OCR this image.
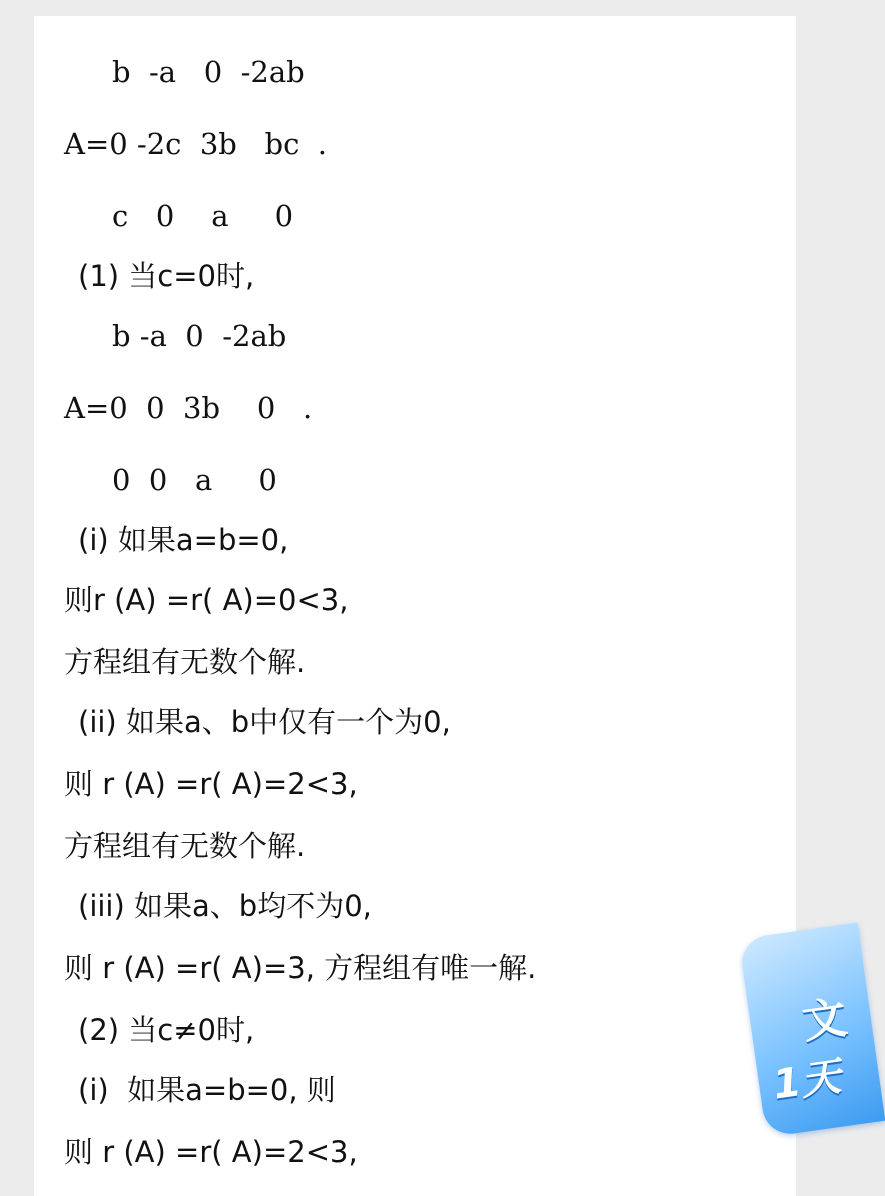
b  -a   0  -2ab
A=0 -2c  3b   bc  .
c   0    a     0
(1) 当c=0时,
b -a  0  -2ab
A=0  0  3b    0   .
0  0   a     0
(i) 如果a=b=0,
则r (A) =r( A)=0<3,
方程组有无数个解.
(ii) 如果a、b中仅有一个为0,
则 r (A) =r( A)=2<3,
方程组有无数个解.
(iii) 如果a、b均不为0,
则 r (A) =r( A)=3, 方程组有唯一解.
(2) 当c≠0时,
(i)  如果a=b=0, 则
则 r (A) =r( A)=2<3,
文
1天
